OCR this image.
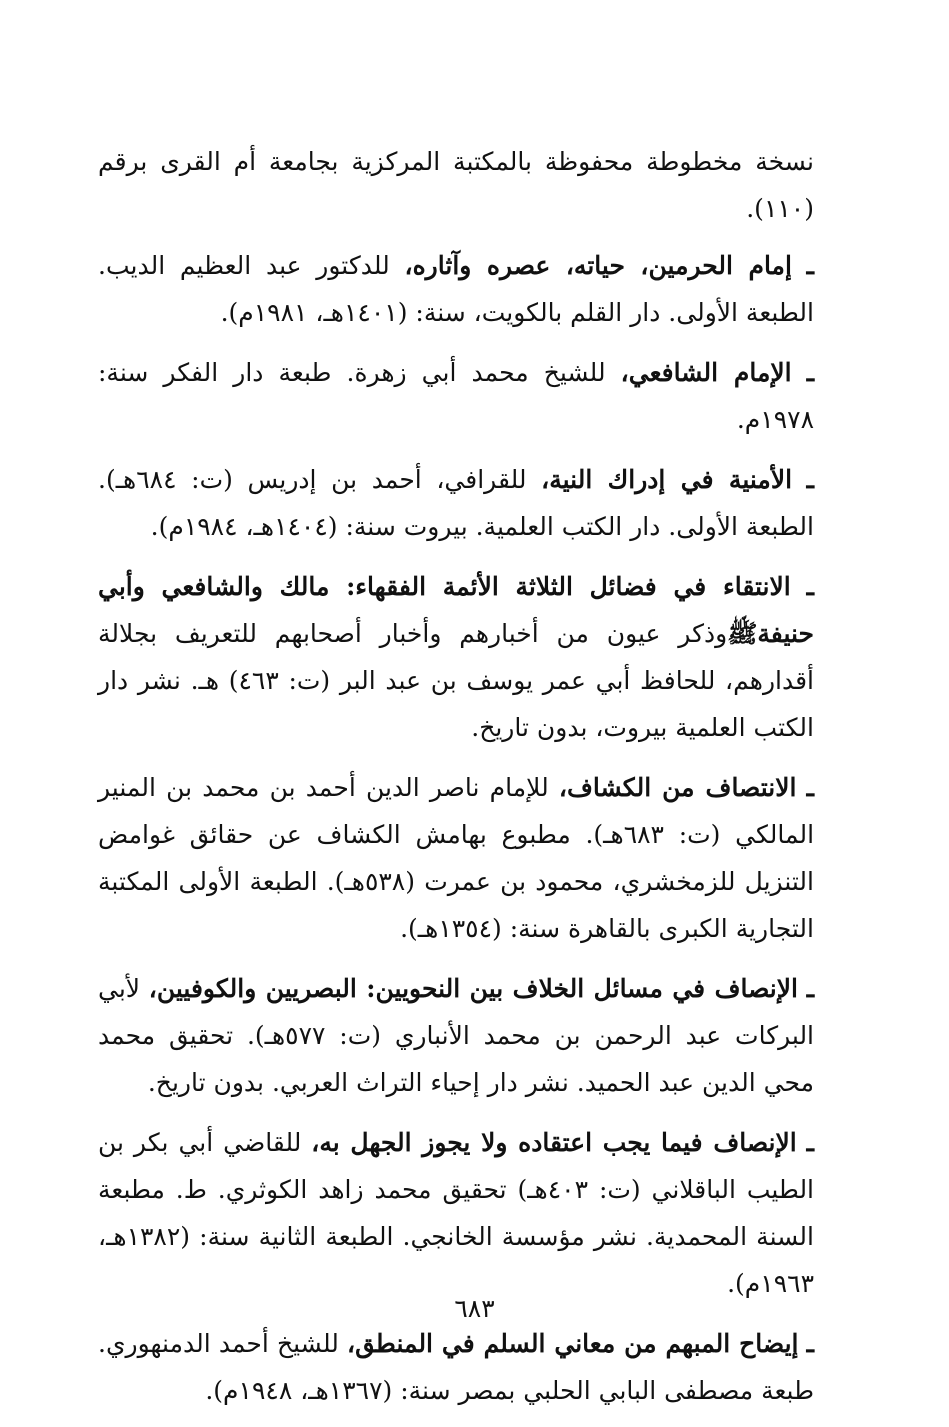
نسخة مخطوطة محفوظة بالمكتبة المركزية بجامعة أم القرى برقم (١١٠).

ـ إمام الحرمين، حياته، عصره وآثاره، للدكتور عبد العظيم الديب. الطبعة الأولى. دار القلم بالكويت، سنة: (١٤٠١هـ، ١٩٨١م).

ـ الإمام الشافعي، للشيخ محمد أبي زهرة. طبعة دار الفكر سنة: ١٩٧٨م.

ـ الأمنية في إدراك النية، للقرافي، أحمد بن إدريس (ت: ٦٨٤هـ). الطبعة الأولى. دار الكتب العلمية. بيروت سنة: (١٤٠٤هـ، ١٩٨٤م).

ـ الانتقاء في فضائل الثلاثة الأئمة الفقهاء: مالك والشافعي وأبي حنيفةﷺوذكر عيون من أخبارهم وأخبار أصحابهم للتعريف بجلالة أقدارهم، للحافظ أبي عمر يوسف بن عبد البر (ت: ٤٦٣) هـ. نشر دار الكتب العلمية بيروت، بدون تاريخ.

ـ الانتصاف من الكشاف، للإمام ناصر الدين أحمد بن محمد بن المنير المالكي (ت: ٦٨٣هـ). مطبوع بهامش الكشاف عن حقائق غوامض التنزيل للزمخشري، محمود بن عمرت (٥٣٨هـ). الطبعة الأولى المكتبة التجارية الكبرى بالقاهرة سنة: (١٣٥٤هـ).

ـ الإنصاف في مسائل الخلاف بين النحويين: البصريين والكوفيين، لأبي البركات عبد الرحمن بن محمد الأنباري (ت: ٥٧٧هـ). تحقيق محمد محي الدين عبد الحميد. نشر دار إحياء التراث العربي. بدون تاريخ.

ـ الإنصاف فيما يجب اعتقاده ولا يجوز الجهل به، للقاضي أبي بكر بن الطيب الباقلاني (ت: ٤٠٣هـ) تحقيق محمد زاهد الكوثري. ط. مطبعة السنة المحمدية. نشر مؤسسة الخانجي. الطبعة الثانية سنة: (١٣٨٢هـ، ١٩٦٣م).

ـ إيضاح المبهم من معاني السلم في المنطق، للشيخ أحمد الدمنهوري. طبعة مصطفى البابي الحلبي بمصر سنة: (١٣٦٧هـ، ١٩٤٨م).

٦٨٣
